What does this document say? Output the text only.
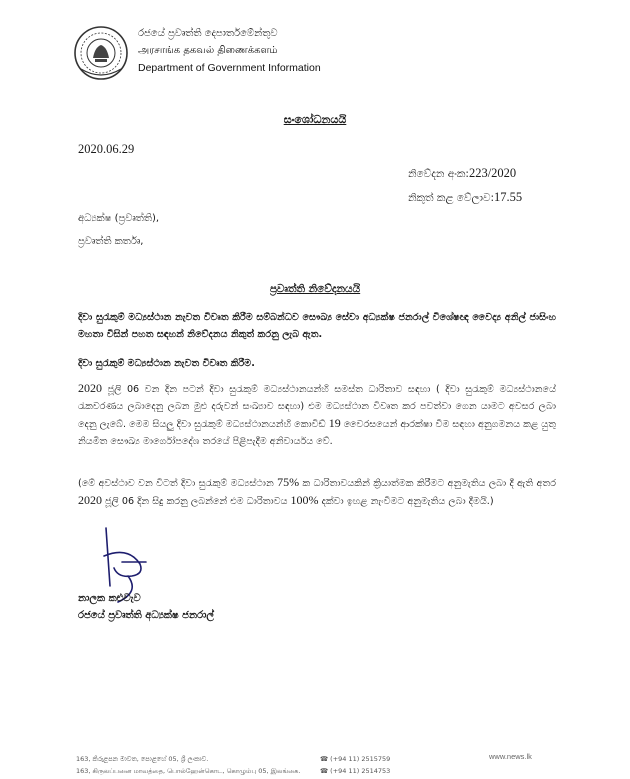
රජයේ ප්‍රවෘත්ති දෙපාර්තමේන්තුව
அரசாங்க தகவல் திணைக்களம்
Department of Government Information
සංශෝධනයයි
2020.06.29
නිවේදන අංක:223/2020
නිකුත් කළ වේලාව:17.55
අධ්‍යක්ෂ (ප්‍රවෘත්ති),
ප්‍රවෘත්ති කර්තෘ,
ප්‍රවෘත්ති නිවේදනයයි
දිවා සුරැකුම් මධ්‍යස්ථාන නැවත විවෘත කිරීම සම්බන්ධව සෞඛ්‍ය සේවා අධ්‍යක්ෂ ජනරාල් විශේෂඥ වෛද්‍ය අනිල් ජාසිංහ මහතා විසින් පහත සඳහන් නිවේදනය නිකුත් කරනු ලැබ ඇත.
දිවා සුරැකුම් මධ්‍යස්ථාන නැවත විවෘත කිරීම.
2020 ජූලි 06 වන දින පටන් දිවා සුරැකුම් මධ්‍යස්ථානයන්හි සමස්ත ධාරිතාව සඳහා ( දිවා සුරැකුම් මධ්‍යස්ථානයේ රැකවරණය ලබාදෙනු ලබන මුළු දරුවන් සංඛ්‍යාව සඳහා) එම මධ්‍යස්ථාන විවෘත කර පවත්වා ගෙන යාමට අවසර ලබා දෙනු ලැබේ. මෙම සියලු දිවා සුරැකුම් මධ්‍යස්ථානයන්හි කොවිඩ් 19 වෛරසයෙන් ආරක්ෂා වීම සඳහා අනුගමනය කළ යුතු නියමිත සෞඛ්‍ය මාර්ගෝපදේශ තරයේ පිළිපැදීම අනිවාර්යය වේ.
(මේ අවස්ථාව වන විටත් දිවා සුරැකුම් මධ්‍යස්ථාන 75% ක ධාරිතාවයකින් ක්‍රියාත්මක කිරීමට අනුමැතිය ලබා දී ඇති අතර 2020 ජූලි 06 දින සිදු කරනු ලබන්නේ එම ධාරිතාවය 100% දක්වා ඉහළ නැංවීමට අනුමැතිය ලබා දීමයි.)
නාලක කළුවැව
රජයේ ප්‍රවෘත්ති අධ්‍යක්ෂ ජනරාල්
163, කිරුළපන මාවත, පොළහේ 05, ශ්‍රී ලංකාව.
163, கிருலப்பனை மாவத்தை, பொல்ஹேன்கொட, கொழும்பு 05, இலங்கை.
☎ (+94 11) 2515759
☎ (+94 11) 2514753
www.news.lk
